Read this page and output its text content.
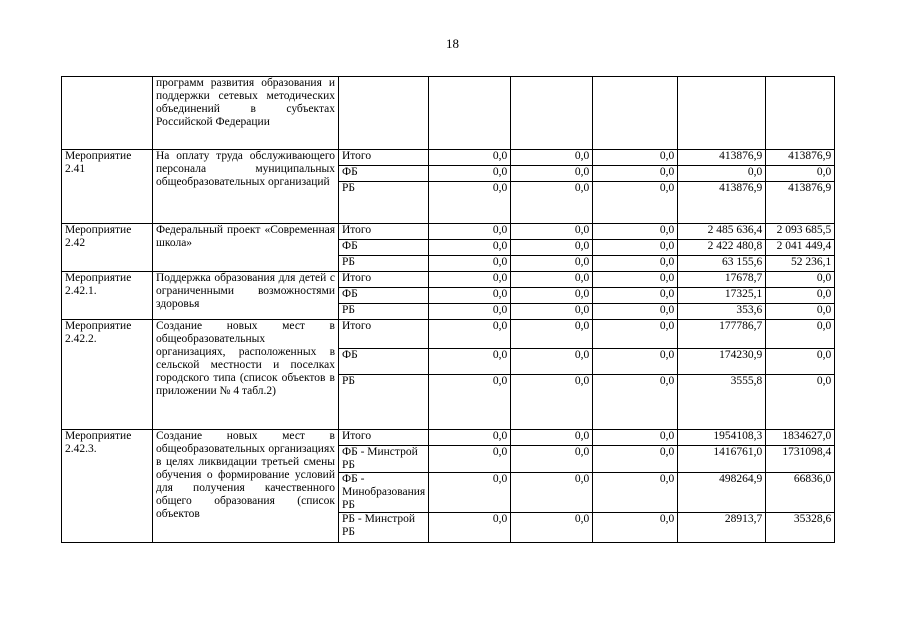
18
	программ развития образования и поддержки сетевых методических объединений в субъектах Российской Федерации						
Мероприятие 2.41	На оплату труда обслуживающего персонала муниципальных общеобразовательных организаций	Итого	0,0	0,0	0,0	413876,9	413876,9
		ФБ	0,0	0,0	0,0	0,0	0,0
		РБ	0,0	0,0	0,0	413876,9	413876,9
Мероприятие 2.42	Федеральный проект «Современная школа»	Итого	0,0	0,0	0,0	2 485 636,4	2 093 685,5
		ФБ	0,0	0,0	0,0	2 422 480,8	2 041 449,4
		РБ	0,0	0,0	0,0	63 155,6	52 236,1
Мероприятие 2.42.1.	Поддержка образования для детей с ограниченными возможностями здоровья	Итого	0,0	0,0	0,0	17678,7	0,0
		ФБ	0,0	0,0	0,0	17325,1	0,0
		РБ	0,0	0,0	0,0	353,6	0,0
Мероприятие 2.42.2.	Создание новых мест в общеобразовательных организациях, расположенных в сельской местности и поселках городского типа (список объектов в приложении № 4 табл.2)	Итого	0,0	0,0	0,0	177786,7	0,0
		ФБ	0,0	0,0	0,0	174230,9	0,0
		РБ	0,0	0,0	0,0	3555,8	0,0
Мероприятие 2.42.3.	Создание новых мест в общеобразовательных организациях в целях ликвидации третьей смены обучения о формирование условий для получения качественного общего образования (список объектов	Итого	0,0	0,0	0,0	1954108,3	1834627,0
		ФБ - Минстрой РБ	0,0	0,0	0,0	1416761,0	1731098,4
		ФБ - Минобразования РБ	0,0	0,0	0,0	498264,9	66836,0
		РБ - Минстрой РБ	0,0	0,0	0,0	28913,7	35328,6
